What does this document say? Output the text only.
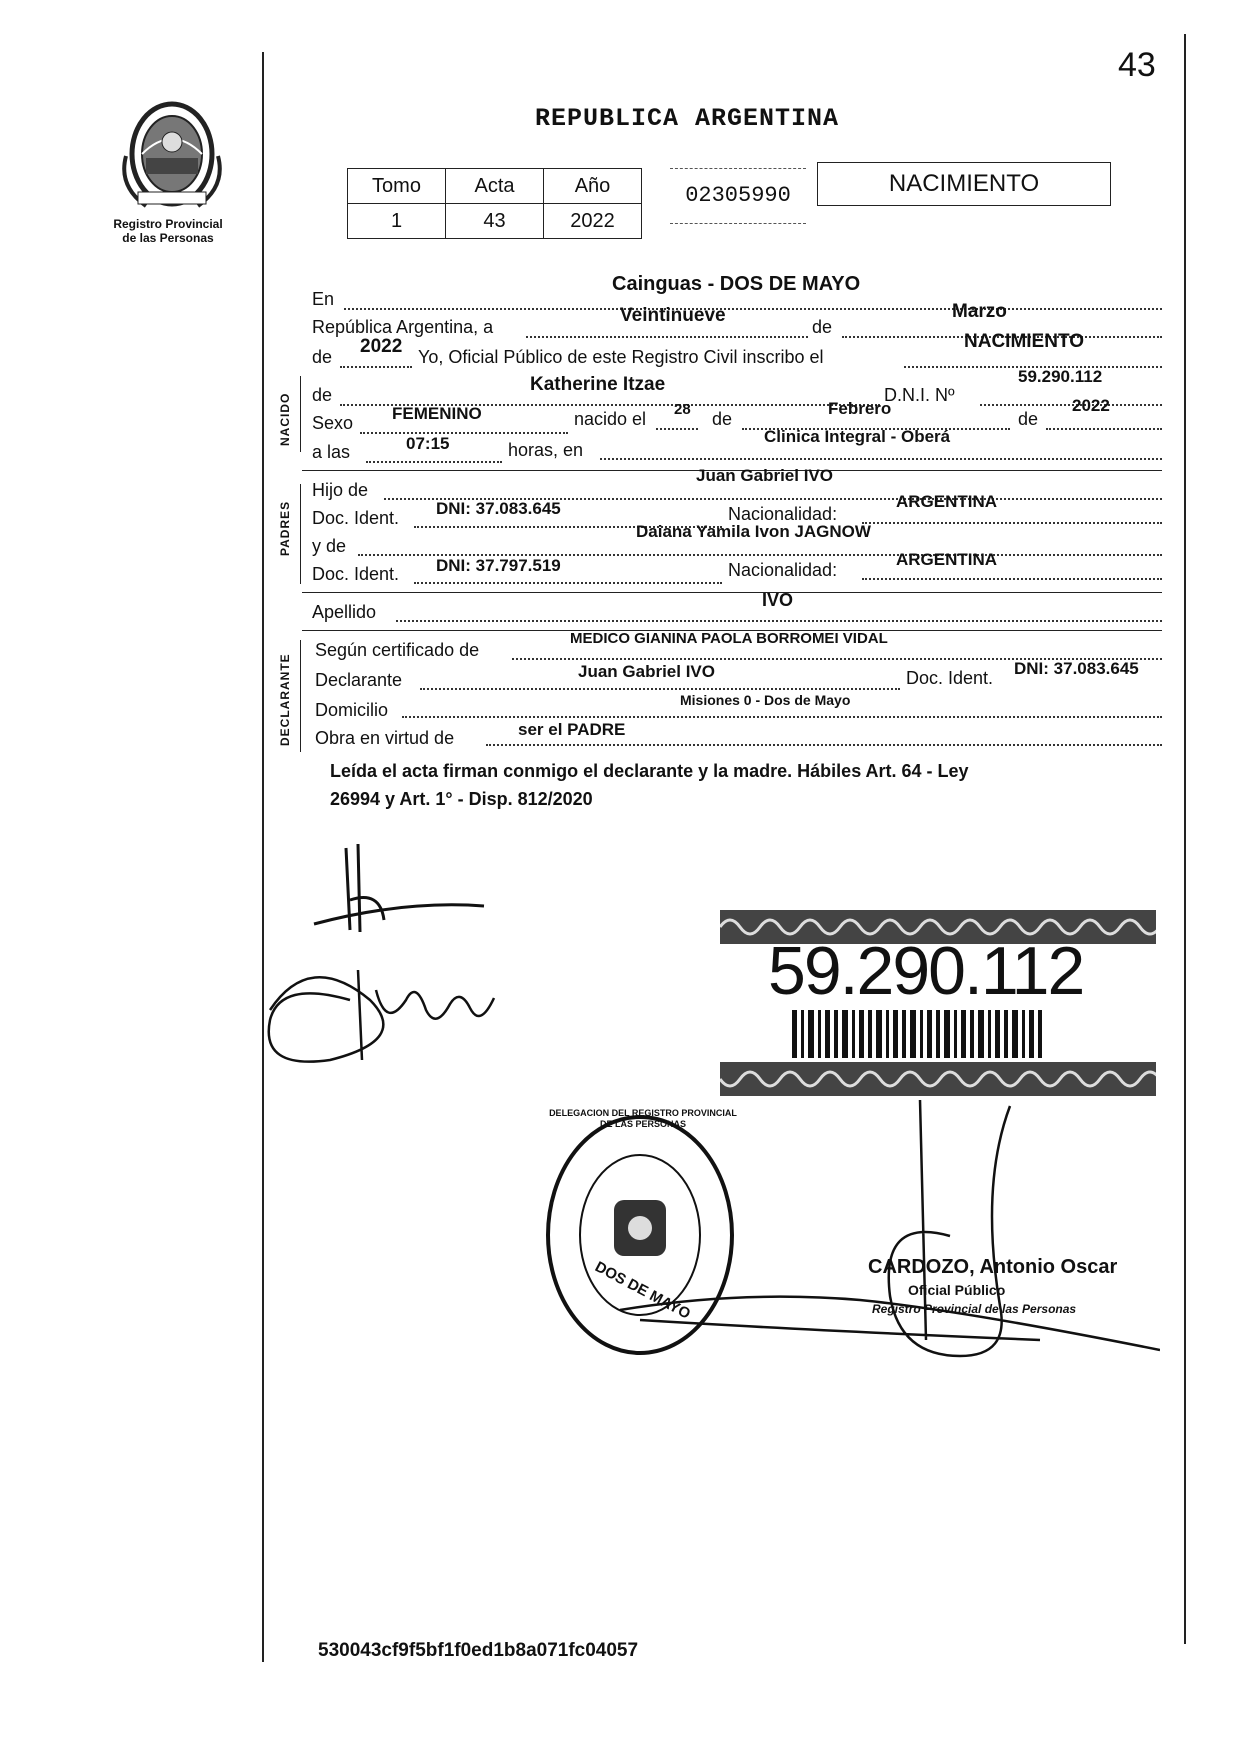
43
Registro Provincial
de las Personas
REPUBLICA ARGENTINA
Tomo	Acta	Año
1	43	2022
02305990	NACIMIENTO
En
Cainguas - DOS DE MAYO
República Argentina, a
Veintinueve
de
Marzo
de 2022 Yo, Oficial Público de este Registro Civil inscribo el
NACIMIENTO
NACIDO de	Katherine Itzae	D.N.I. Nº
59.290.112
Sexo FEMENINO	nacido el 28 de
Febrero
de
2022
a las	07:15	horas, en
Clinica Integral - Oberá
PADRES
Hijo de
Juan Gabriel IVO
Doc. Ident. DNI: 37.083.645	Nacionalidad:
ARGENTINA
y de
Daiana Yamila Ivon JAGNOW
Doc. Ident. DNI: 37.797.519	Nacionalidad:
ARGENTINA
Apellido
IVO
DECLARANTE
Según certificado de
MEDICO GIANINA PAOLA BORROMEI VIDAL
Declarante	Juan Gabriel IVO	Doc. Ident. DNI: 37.083.645
Domicilio	Misiones 0 - Dos de Mayo
Obra en virtud de	ser el PADRE
Leída el acta firman conmigo el declarante y la madre. Hábiles Art. 64 - Ley
26994 y Art. 1° - Disp. 812/2020
59.290.112
DOS DE MAYO
DELEGACION DEL REGISTRO PROVINCIAL DE LAS PERSONAS
CARDOZO, Antonio Oscar
Oficial Público
Registro Provincial de las Personas
530043cf9f5bf1f0ed1b8a071fc04057
